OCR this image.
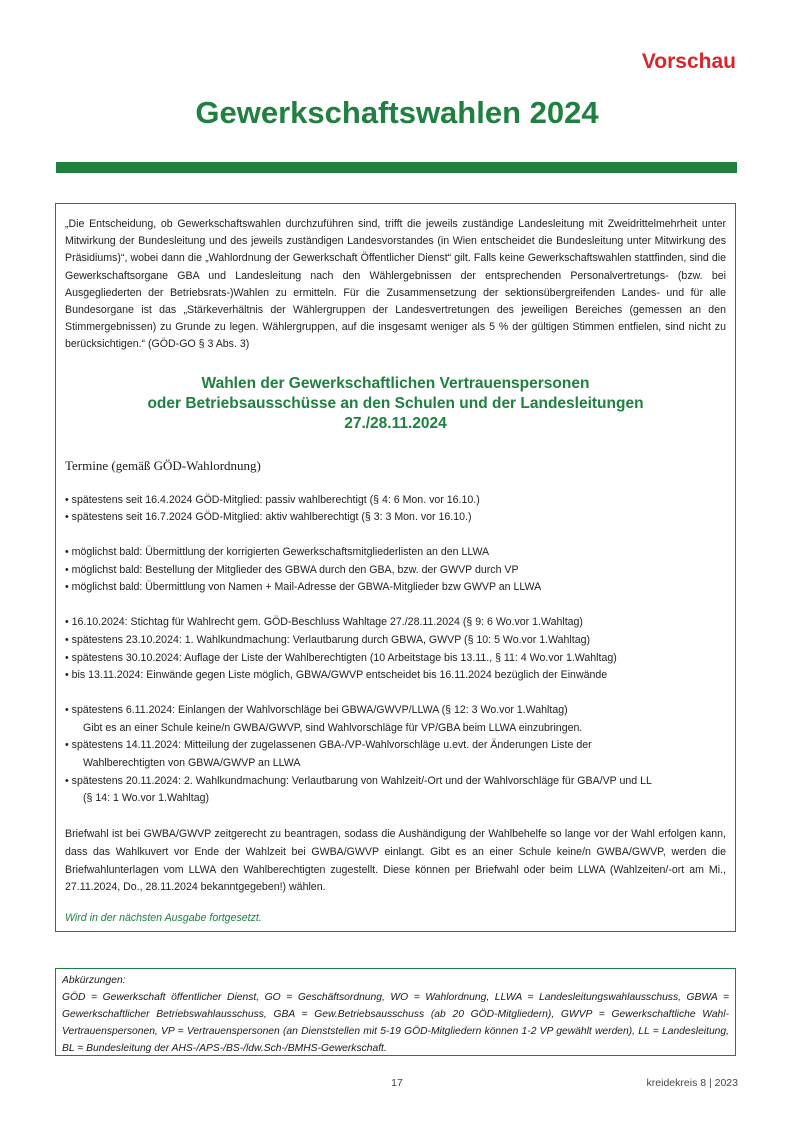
Vorschau
Gewerkschaftswahlen 2024

„Die Entscheidung, ob Gewerkschaftswahlen durchzuführen sind, trifft die jeweils zuständige Landesleitung mit Zweidrittelmehrheit unter Mitwirkung der Bundesleitung und des jeweils zuständigen Landesvorstandes (in Wien entscheidet die Bundesleitung unter Mitwirkung des Präsidiums)“, wobei dann die „Wahlordnung der Gewerkschaft Öffentlicher Dienst“ gilt. Falls keine Gewerkschaftswahlen stattfinden, sind die Gewerkschaftsorgane GBA und Landesleitung nach den Wählergebnissen der entsprechenden Personalvertretungs- (bzw. bei Ausgegliederten der Betriebsrats-)Wahlen zu ermitteln. Für die Zusammensetzung der sektionsübergreifenden Landes- und für alle Bundesorgane ist das „Stärkeverhältnis der Wählergruppen der Landesvertretungen des jeweiligen Bereiches (gemessen an den Stimmergebnissen) zu Grunde zu legen. Wählergruppen, auf die insgesamt weniger als 5 % der gültigen Stimmen entfielen, sind nicht zu berücksichtigen.“ (GÖD-GO § 3 Abs. 3)

Wahlen der Gewerkschaftlichen Vertrauenspersonen
oder Betriebsausschüsse an den Schulen und der Landesleitungen
27./28.11.2024

Termine (gemäß GÖD-Wahlordnung)

• spätestens seit 16.4.2024 GÖD-Mitglied: passiv wahlberechtigt (§ 4: 6 Mon. vor 16.10.)
• spätestens seit 16.7.2024 GÖD-Mitglied: aktiv wahlberechtigt (§ 3: 3 Mon. vor 16.10.)
• möglichst bald: Übermittlung der korrigierten Gewerkschaftsmitgliederlisten an den LLWA
• möglichst bald: Bestellung der Mitglieder des GBWA durch den GBA, bzw. der GWVP durch VP
• möglichst bald: Übermittlung von Namen + Mail-Adresse der GBWA-Mitglieder bzw GWVP an LLWA
• 16.10.2024: Stichtag für Wahlrecht gem. GÖD-Beschluss Wahltage 27./28.11.2024 (§ 9: 6 Wo.vor 1.Wahltag)
• spätestens 23.10.2024: 1. Wahlkundmachung: Verlautbarung durch GBWA, GWVP (§ 10: 5 Wo.vor 1.Wahltag)
• spätestens 30.10.2024: Auflage der Liste der Wahlberechtigten (10 Arbeitstage bis 13.11., § 11: 4 Wo.vor 1.Wahltag)
• bis 13.11.2024: Einwände gegen Liste möglich, GBWA/GWVP entscheidet bis 16.11.2024 bezüglich der Einwände
• spätestens 6.11.2024: Einlangen der Wahlvorschläge bei GBWA/GWVP/LLWA (§ 12: 3 Wo.vor 1.Wahltag)
Gibt es an einer Schule keine/n GWBA/GWVP, sind Wahlvorschläge für VP/GBA beim LLWA einzubringen.
• spätestens 14.11.2024: Mitteilung der zugelassenen GBA-/VP-Wahlvorschläge u.evt. der Änderungen Liste der
Wahlberechtigten von GBWA/GWVP an LLWA
• spätestens 20.11.2024: 2. Wahlkundmachung: Verlautbarung von Wahlzeit/-Ort und der Wahlvorschläge für GBA/VP und LL
(§ 14: 1 Wo.vor 1.Wahltag)

Briefwahl ist bei GWBA/GWVP zeitgerecht zu beantragen, sodass die Aushändigung der Wahlbehelfe so lange vor der Wahl erfolgen kann, dass das Wahlkuvert vor Ende der Wahlzeit bei GWBA/GWVP einlangt. Gibt es an einer Schule keine/n GWBA/GWVP, werden die Briefwahlunterlagen vom LLWA den Wahlberechtigten zugestellt. Diese können per Briefwahl oder beim LLWA (Wahlzeiten/-ort am Mi., 27.11.2024, Do., 28.11.2024 bekanntgegeben!) wählen.

Wird in der nächsten Ausgabe fortgesetzt.

Abkürzungen:

GÖD = Gewerkschaft öffentlicher Dienst, GO = Geschäftsordnung, WO = Wahlordnung, LLWA = Landesleitungswahlausschuss, GBWA = Gewerkschaftlicher Betriebswahlausschuss, GBA = Gew.Betriebsausschuss (ab 20 GÖD-Mitgliedern), GWVP = Gewerkschaftliche Wahl-Vertrauenspersonen, VP = Vertrauenspersonen (an Dienststellen mit 5-19 GÖD-Mitgliedern können 1-2 VP gewählt werden), LL = Landesleitung, BL = Bundesleitung der AHS-/APS-/BS-/ldw.Sch-/BMHS-Gewerkschaft.

17	kreidekreis 8 | 2023
